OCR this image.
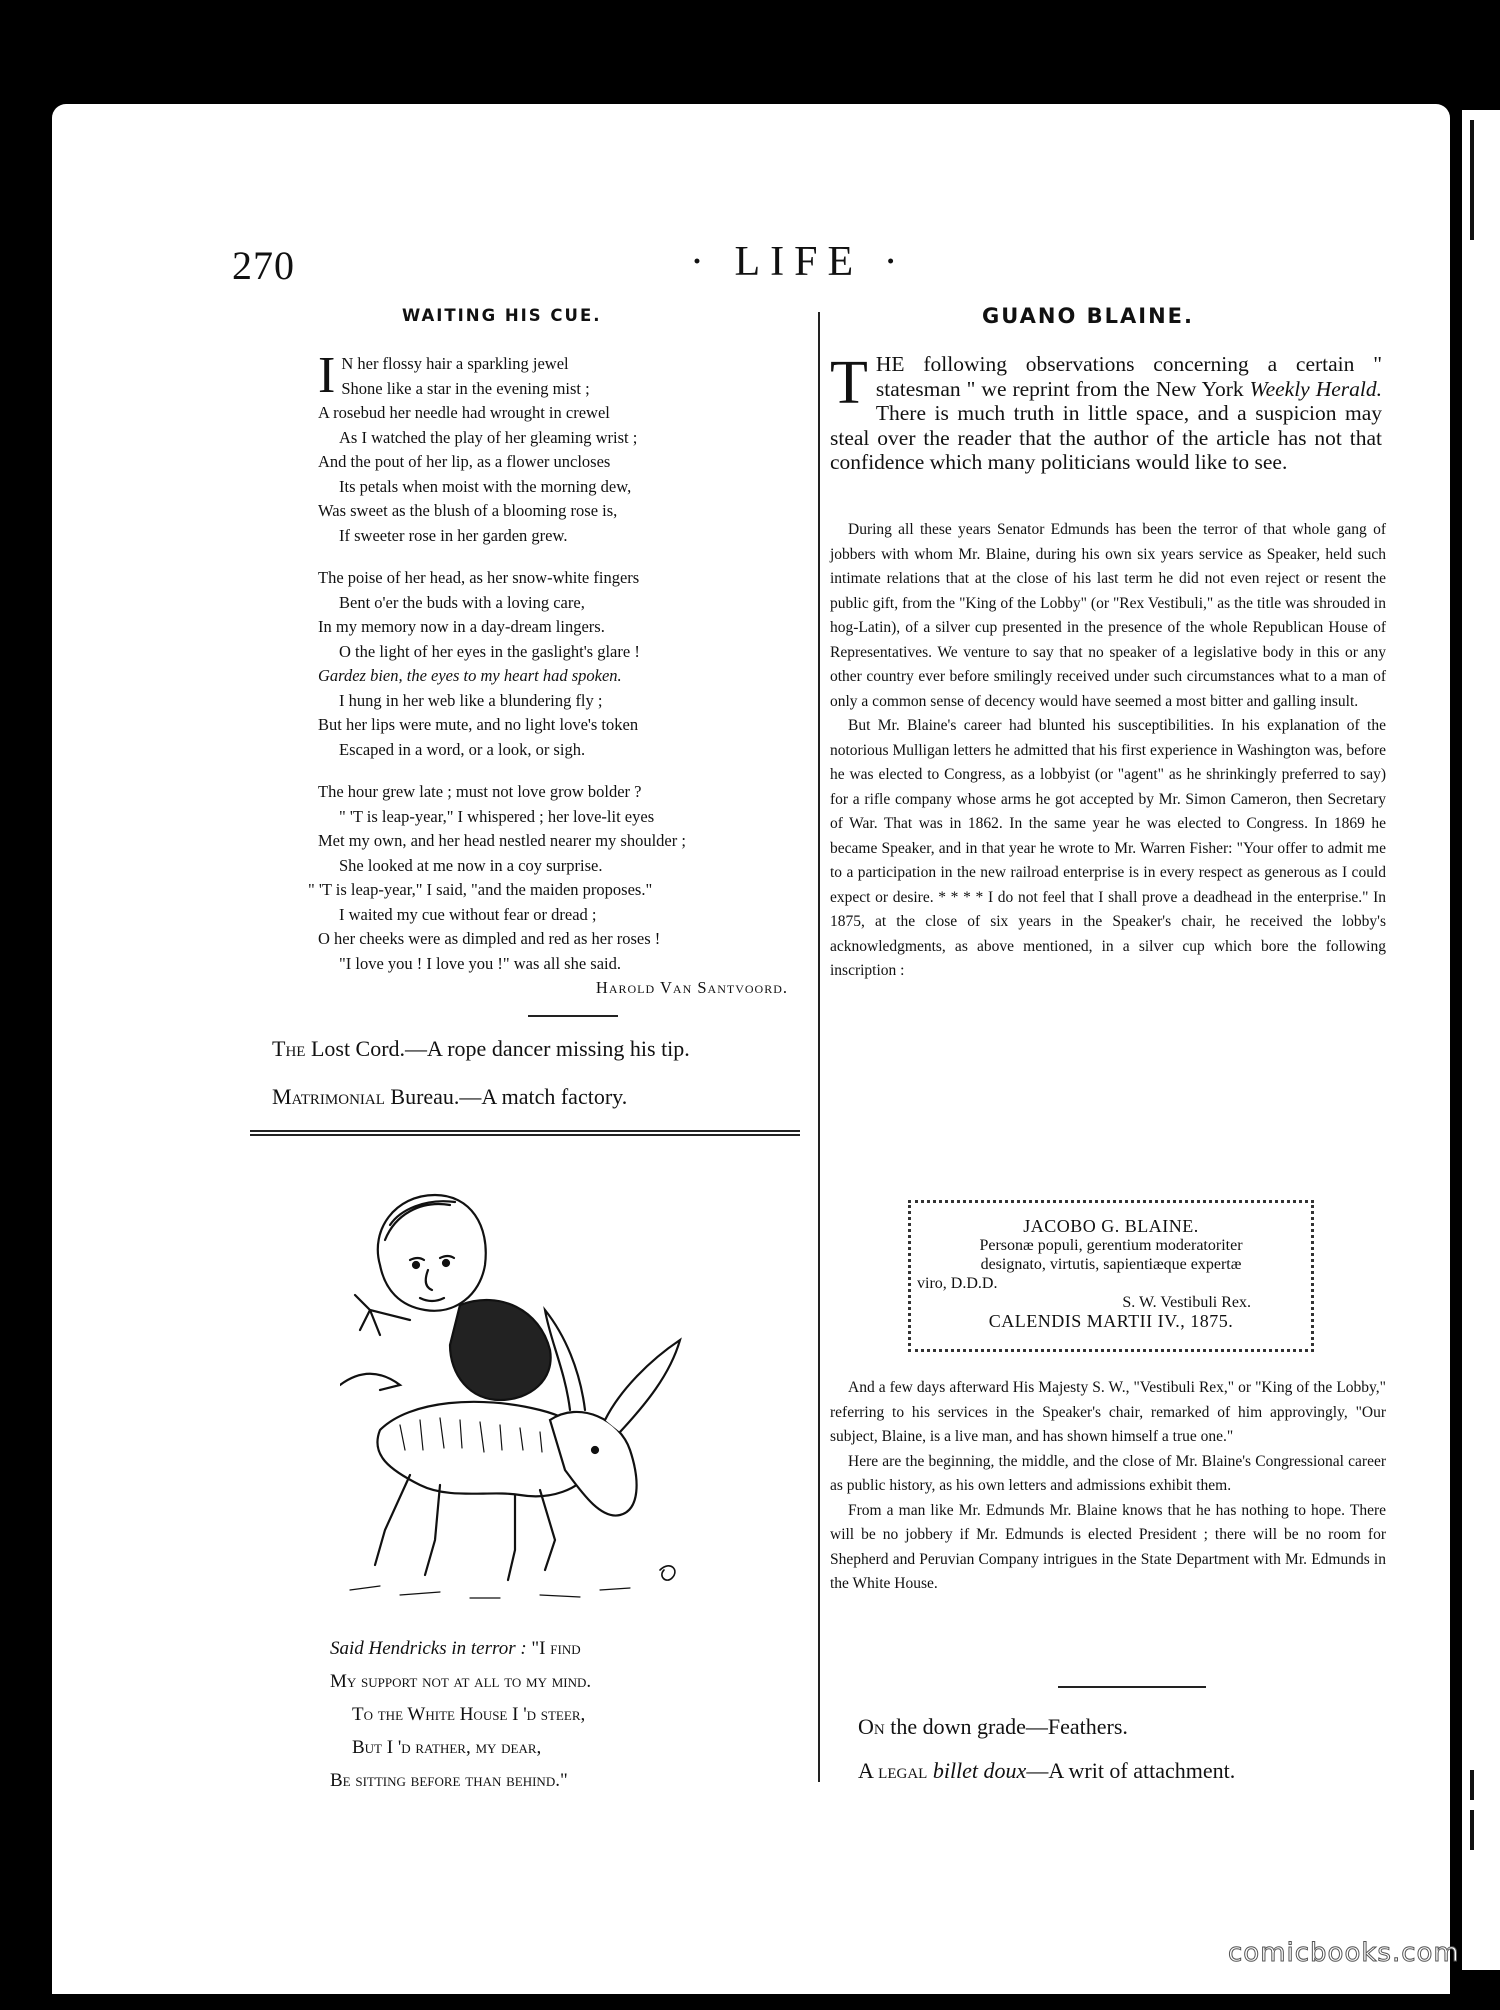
270	· LIFE ·
WAITING HIS CUE.
I N her flossy hair a sparkling jewel
Shone like a star in the evening mist ;
A rosebud her needle had wrought in crewel
As I watched the play of her gleaming wrist ;
And the pout of her lip, as a flower uncloses
Its petals when moist with the morning dew,
Was sweet as the blush of a blooming rose is,
If sweeter rose in her garden grew.
The poise of her head, as her snow-white fingers
Bent o'er the buds with a loving care,
In my memory now in a day-dream lingers.
O the light of her eyes in the gaslight's glare !
Gardez bien, the eyes to my heart had spoken.
I hung in her web like a blundering fly ;
But her lips were mute, and no light love's token
Escaped in a word, or a look, or sigh.
The hour grew late ; must not love grow bolder ?
" 'T is leap-year," I whispered ; her love-lit eyes
Met my own, and her head nestled nearer my shoulder ;
She looked at me now in a coy surprise.
" 'T is leap-year," I said, "and the maiden proposes."
I waited my cue without fear or dread ;
O her cheeks were as dimpled and red as her roses !
"I love you ! I love you !" was all she said.
Harold Van Santvoord.
The Lost Cord.—A rope dancer missing his tip.
Matrimonial Bureau.—A match factory.
Said Hendricks in terror : "I find
My support not at all to my mind.
To the White House I 'd steer,
But I 'd rather, my dear,
Be sitting before than behind."
GUANO BLAINE.
THE following observations concerning a certain " statesman " we reprint from the New York Weekly Herald. There is much truth in little space, and a suspicion may steal over the reader that the author of the article has not that confidence which many politicians would like to see.

During all these years Senator Edmunds has been the terror of that whole gang of jobbers with whom Mr. Blaine, during his own six years service as Speaker, held such intimate relations that at the close of his last term he did not even reject or resent the public gift, from the "King of the Lobby" (or "Rex Vestibuli," as the title was shrouded in hog-Latin), of a silver cup presented in the presence of the whole Republican House of Representatives. We venture to say that no speaker of a legislative body in this or any other country ever before smilingly received under such circumstances what to a man of only a common sense of decency would have seemed a most bitter and galling insult.

But Mr. Blaine's career had blunted his susceptibilities. In his explanation of the notorious Mulligan letters he admitted that his first experience in Washington was, before he was elected to Congress, as a lobbyist (or "agent" as he shrinkingly preferred to say) for a rifle company whose arms he got accepted by Mr. Simon Cameron, then Secretary of War. That was in 1862. In the same year he was elected to Congress. In 1869 he became Speaker, and in that year he wrote to Mr. Warren Fisher: "Your offer to admit me to a participation in the new railroad enterprise is in every respect as generous as I could expect or desire. * * * * I do not feel that I shall prove a deadhead in the enterprise." In 1875, at the close of six years in the Speaker's chair, he received the lobby's acknowledgments, as above mentioned, in a silver cup which bore the following inscription :

JACOBO G. BLAINE.
Personæ populi, gerentium moderatoriter
designato, virtutis, sapientiæque expertæ
viro, D.D.D.
S. W. Vestibuli Rex.
CALENDIS MARTII IV., 1875.

And a few days afterward His Majesty S. W., "Vestibuli Rex," or "King of the Lobby," referring to his services in the Speaker's chair, remarked of him approvingly, "Our subject, Blaine, is a live man, and has shown himself a true one."

Here are the beginning, the middle, and the close of Mr. Blaine's Congressional career as public history, as his own letters and admissions exhibit them.

From a man like Mr. Edmunds Mr. Blaine knows that he has nothing to hope. There will be no jobbery if Mr. Edmunds is elected President ; there will be no room for Shepherd and Peruvian Company intrigues in the State Department with Mr. Edmunds in the White House.

On the down grade—Feathers.
A legal billet doux—A writ of attachment.
comicbooks.com
